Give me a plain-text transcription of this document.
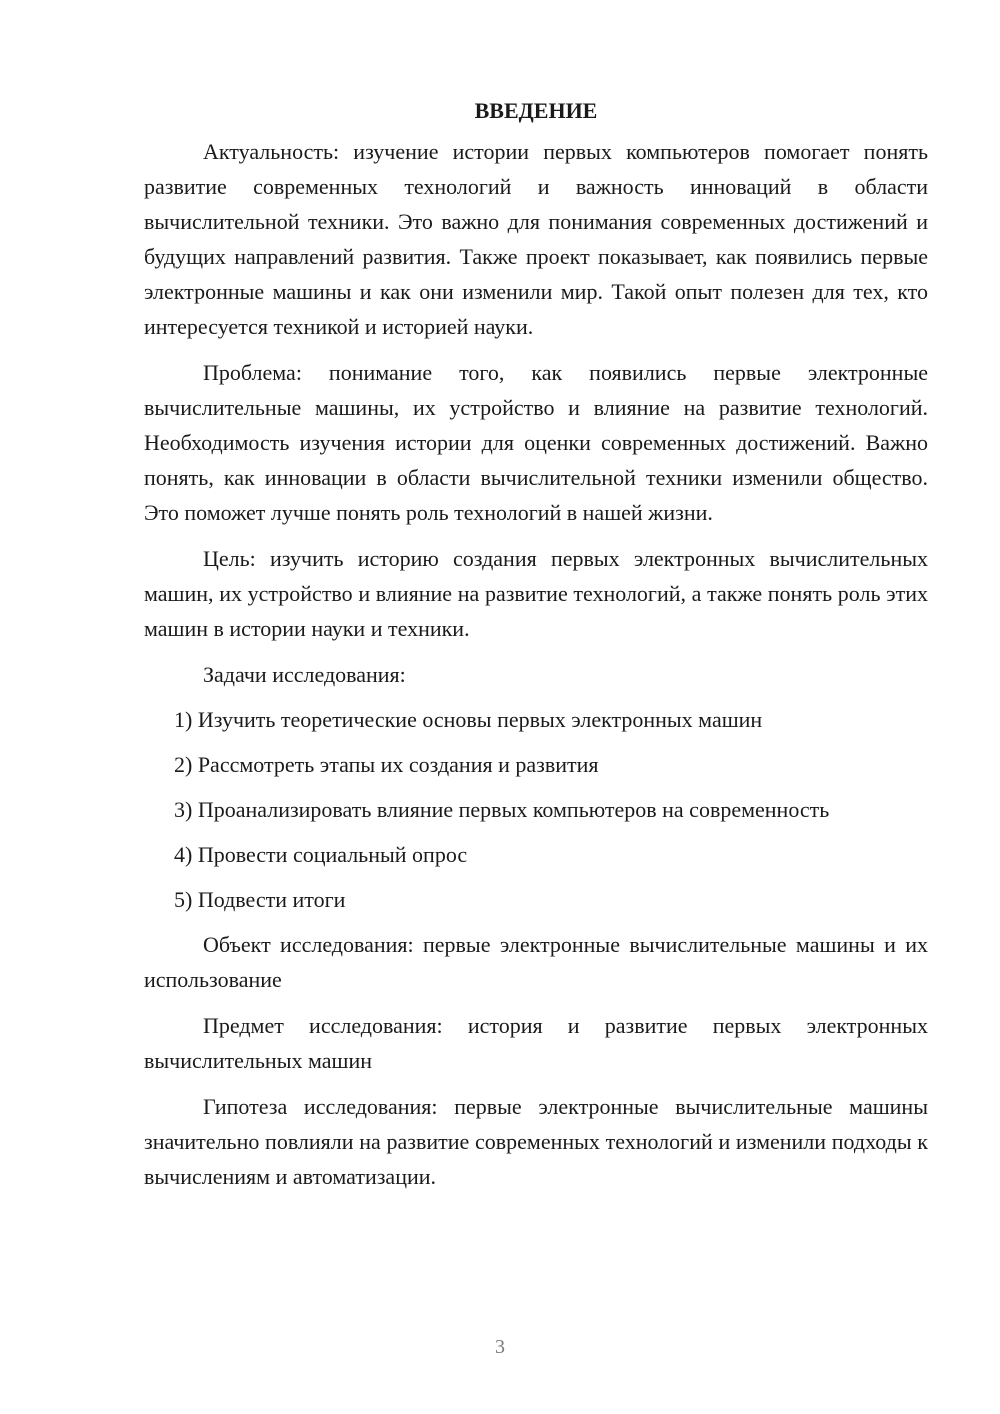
ВВЕДЕНИЕ

Актуальность: изучение истории первых компьютеров помогает понять развитие современных технологий и важность инноваций в области вычислительной техники. Это важно для понимания современных достижений и будущих направлений развития. Также проект показывает, как появились первые электронные машины и как они изменили мир. Такой опыт полезен для тех, кто интересуется техникой и историей науки.

Проблема: понимание того, как появились первые электронные вычислительные машины, их устройство и влияние на развитие технологий. Необходимость изучения истории для оценки современных достижений. Важно понять, как инновации в области вычислительной техники изменили общество. Это поможет лучше понять роль технологий в нашей жизни.

Цель: изучить историю создания первых электронных вычислительных машин, их устройство и влияние на развитие технологий, а также понять роль этих машин в истории науки и техники.

Задачи исследования:
1) Изучить теоретические основы первых электронных машин
2) Рассмотреть этапы их создания и развития
3) Проанализировать влияние первых компьютеров на современность
4) Провести социальный опрос
5) Подвести итоги

Объект исследования: первые электронные вычислительные машины и их использование

Предмет исследования: история и развитие первых электронных вычислительных машин

Гипотеза исследования: первые электронные вычислительные машины значительно повлияли на развитие современных технологий и изменили подходы к вычислениям и автоматизации.

3
